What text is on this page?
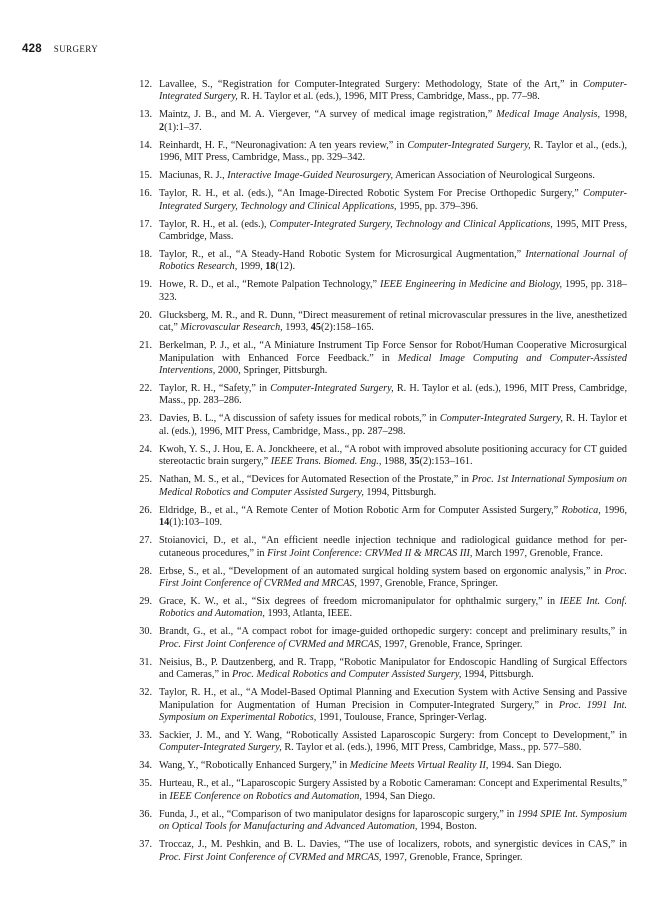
428 SURGERY
12. Lavallee, S., “Registration for Computer-Integrated Surgery: Methodology, State of the Art,” in Computer-Integrated Surgery, R. H. Taylor et al. (eds.), 1996, MIT Press, Cambridge, Mass., pp. 77–98.
13. Maintz, J. B., and M. A. Viergever, “A survey of medical image registration,” Medical Image Analysis, 1998, 2(1):1–37.
14. Reinhardt, H. F., “Neuronagivation: A ten years review,” in Computer-Integrated Surgery, R. Taylor et al., (eds.), 1996, MIT Press, Cambridge, Mass., pp. 329–342.
15. Maciunas, R. J., Interactive Image-Guided Neurosurgery, American Association of Neurological Surgeons.
16. Taylor, R. H., et al. (eds.), “An Image-Directed Robotic System For Precise Orthopedic Surgery,” Computer-Integrated Surgery, Technology and Clinical Applications, 1995, pp. 379–396.
17. Taylor, R. H., et al. (eds.), Computer-Integrated Surgery, Technology and Clinical Applications, 1995, MIT Press, Cambridge, Mass.
18. Taylor, R., et al., “A Steady-Hand Robotic System for Microsurgical Augmentation,” International Journal of Robotics Research, 1999, 18(12).
19. Howe, R. D., et al., “Remote Palpation Technology,” IEEE Engineering in Medicine and Biology, 1995, pp. 318–323.
20. Glucksberg, M. R., and R. Dunn, “Direct measurement of retinal microvascular pressures in the live, anesthetized cat,” Microvascular Research, 1993, 45(2):158–165.
21. Berkelman, P. J., et al., “A Miniature Instrument Tip Force Sensor for Robot/Human Cooperative Microsurgical Manipulation with Enhanced Force Feedback.” in Medical Image Computing and Computer-Assisted Interventions, 2000, Springer, Pittsburgh.
22. Taylor, R. H., “Safety,” in Computer-Integrated Surgery, R. H. Taylor et al. (eds.), 1996, MIT Press, Cambridge, Mass., pp. 283–286.
23. Davies, B. L., “A discussion of safety issues for medical robots,” in Computer-Integrated Surgery, R. H. Taylor et al. (eds.), 1996, MIT Press, Cambridge, Mass., pp. 287–298.
24. Kwoh, Y. S., J. Hou, E. A. Jonckheere, et al., “A robot with improved absolute positioning accuracy for CT guided stereotactic brain surgery,” IEEE Trans. Biomed. Eng., 1988, 35(2):153–161.
25. Nathan, M. S., et al., “Devices for Automated Resection of the Prostate,” in Proc. 1st International Symposium on Medical Robotics and Computer Assisted Surgery, 1994, Pittsburgh.
26. Eldridge, B., et al., “A Remote Center of Motion Robotic Arm for Computer Assisted Surgery,” Robotica, 1996, 14(1):103–109.
27. Stoianovici, D., et al., “An efficient needle injection technique and radiological guidance method for per-cutaneous procedures,” in First Joint Conference: CRVMed II & MRCAS III, March 1997, Grenoble, France.
28. Erbse, S., et al., “Development of an automated surgical holding system based on ergonomic analysis,” in Proc. First Joint Conference of CVRMed and MRCAS, 1997, Grenoble, France, Springer.
29. Grace, K. W., et al., “Six degrees of freedom micromanipulator for ophthalmic surgery,” in IEEE Int. Conf. Robotics and Automation, 1993, Atlanta, IEEE.
30. Brandt, G., et al., “A compact robot for image-guided orthopedic surgery: concept and preliminary results,” in Proc. First Joint Conference of CVRMed and MRCAS, 1997, Grenoble, France, Springer.
31. Neisius, B., P. Dautzenberg, and R. Trapp, “Robotic Manipulator for Endoscopic Handling of Surgical Effectors and Cameras,” in Proc. Medical Robotics and Computer Assisted Surgery, 1994, Pittsburgh.
32. Taylor, R. H., et al., “A Model-Based Optimal Planning and Execution System with Active Sensing and Passive Manipulation for Augmentation of Human Precision in Computer-Integrated Surgery,” in Proc. 1991 Int. Symposium on Experimental Robotics, 1991, Toulouse, France, Springer-Verlag.
33. Sackier, J. M., and Y. Wang, “Robotically Assisted Laparoscopic Surgery: from Concept to Development,” in Computer-Integrated Surgery, R. Taylor et al. (eds.), 1996, MIT Press, Cambridge, Mass., pp. 577–580.
34. Wang, Y., “Robotically Enhanced Surgery,” in Medicine Meets Virtual Reality II, 1994. San Diego.
35. Hurteau, R., et al., “Laparoscopic Surgery Assisted by a Robotic Cameraman: Concept and Experimental Results,” in IEEE Conference on Robotics and Automation, 1994, San Diego.
36. Funda, J., et al., “Comparison of two manipulator designs for laparoscopic surgery,” in 1994 SPIE Int. Symposium on Optical Tools for Manufacturing and Advanced Automation, 1994, Boston.
37. Troccaz, J., M. Peshkin, and B. L. Davies, “The use of localizers, robots, and synergistic devices in CAS,” in Proc. First Joint Conference of CVRMed and MRCAS, 1997, Grenoble, France, Springer.
